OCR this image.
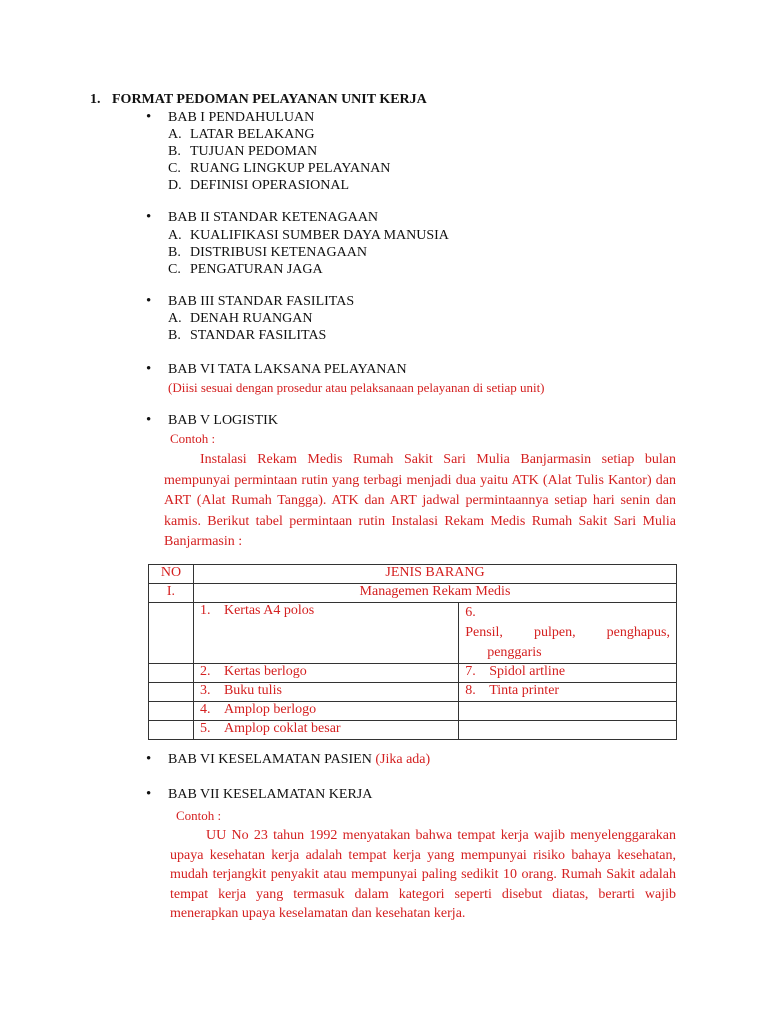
1. FORMAT PEDOMAN PELAYANAN UNIT KERJA
• BAB I PENDAHULUAN
A. LATAR BELAKANG
B. TUJUAN PEDOMAN
C. RUANG LINGKUP PELAYANAN
D. DEFINISI OPERASIONAL
• BAB II STANDAR KETENAGAAN
A. KUALIFIKASI SUMBER DAYA MANUSIA
B. DISTRIBUSI KETENAGAAN
C. PENGATURAN JAGA
• BAB III STANDAR FASILITAS
A. DENAH RUANGAN
B. STANDAR FASILITAS
• BAB VI TATA LAKSANA PELAYANAN
(Diisi sesuai dengan prosedur atau pelaksanaan pelayanan di setiap unit)
• BAB V LOGISTIK
Contoh :
Instalasi Rekam Medis Rumah Sakit Sari Mulia Banjarmasin setiap bulan mempunyai permintaan rutin yang terbagi menjadi dua yaitu ATK (Alat Tulis Kantor) dan ART (Alat Rumah Tangga). ATK dan ART jadwal permintaannya setiap hari senin dan kamis. Berikut tabel permintaan rutin Instalasi Rekam Medis Rumah Sakit Sari Mulia Banjarmasin :
NO	JENIS BARANG	
I.	Managemen Rekam Medis	
	1. Kertas A4 polos	6.
Pensil, pulpen, penghapus,
penggaris

	2. Kertas berlogo	7. Spidol artline
	3. Buku tulis	8. Tinta printer
	4. Amplop berlogo	
	5. Amplop coklat besar	
• BAB VI KESELAMATAN PASIEN (Jika ada)
• BAB VII KESELAMATAN KERJA
Contoh :
UU No 23 tahun 1992 menyatakan bahwa tempat kerja wajib menyelenggarakan upaya kesehatan kerja adalah tempat kerja yang mempunyai risiko bahaya kesehatan, mudah terjangkit penyakit atau mempunyai paling sedikit 10 orang. Rumah Sakit adalah tempat kerja yang termasuk dalam kategori seperti disebut diatas, berarti wajib menerapkan upaya keselamatan dan kesehatan kerja.
